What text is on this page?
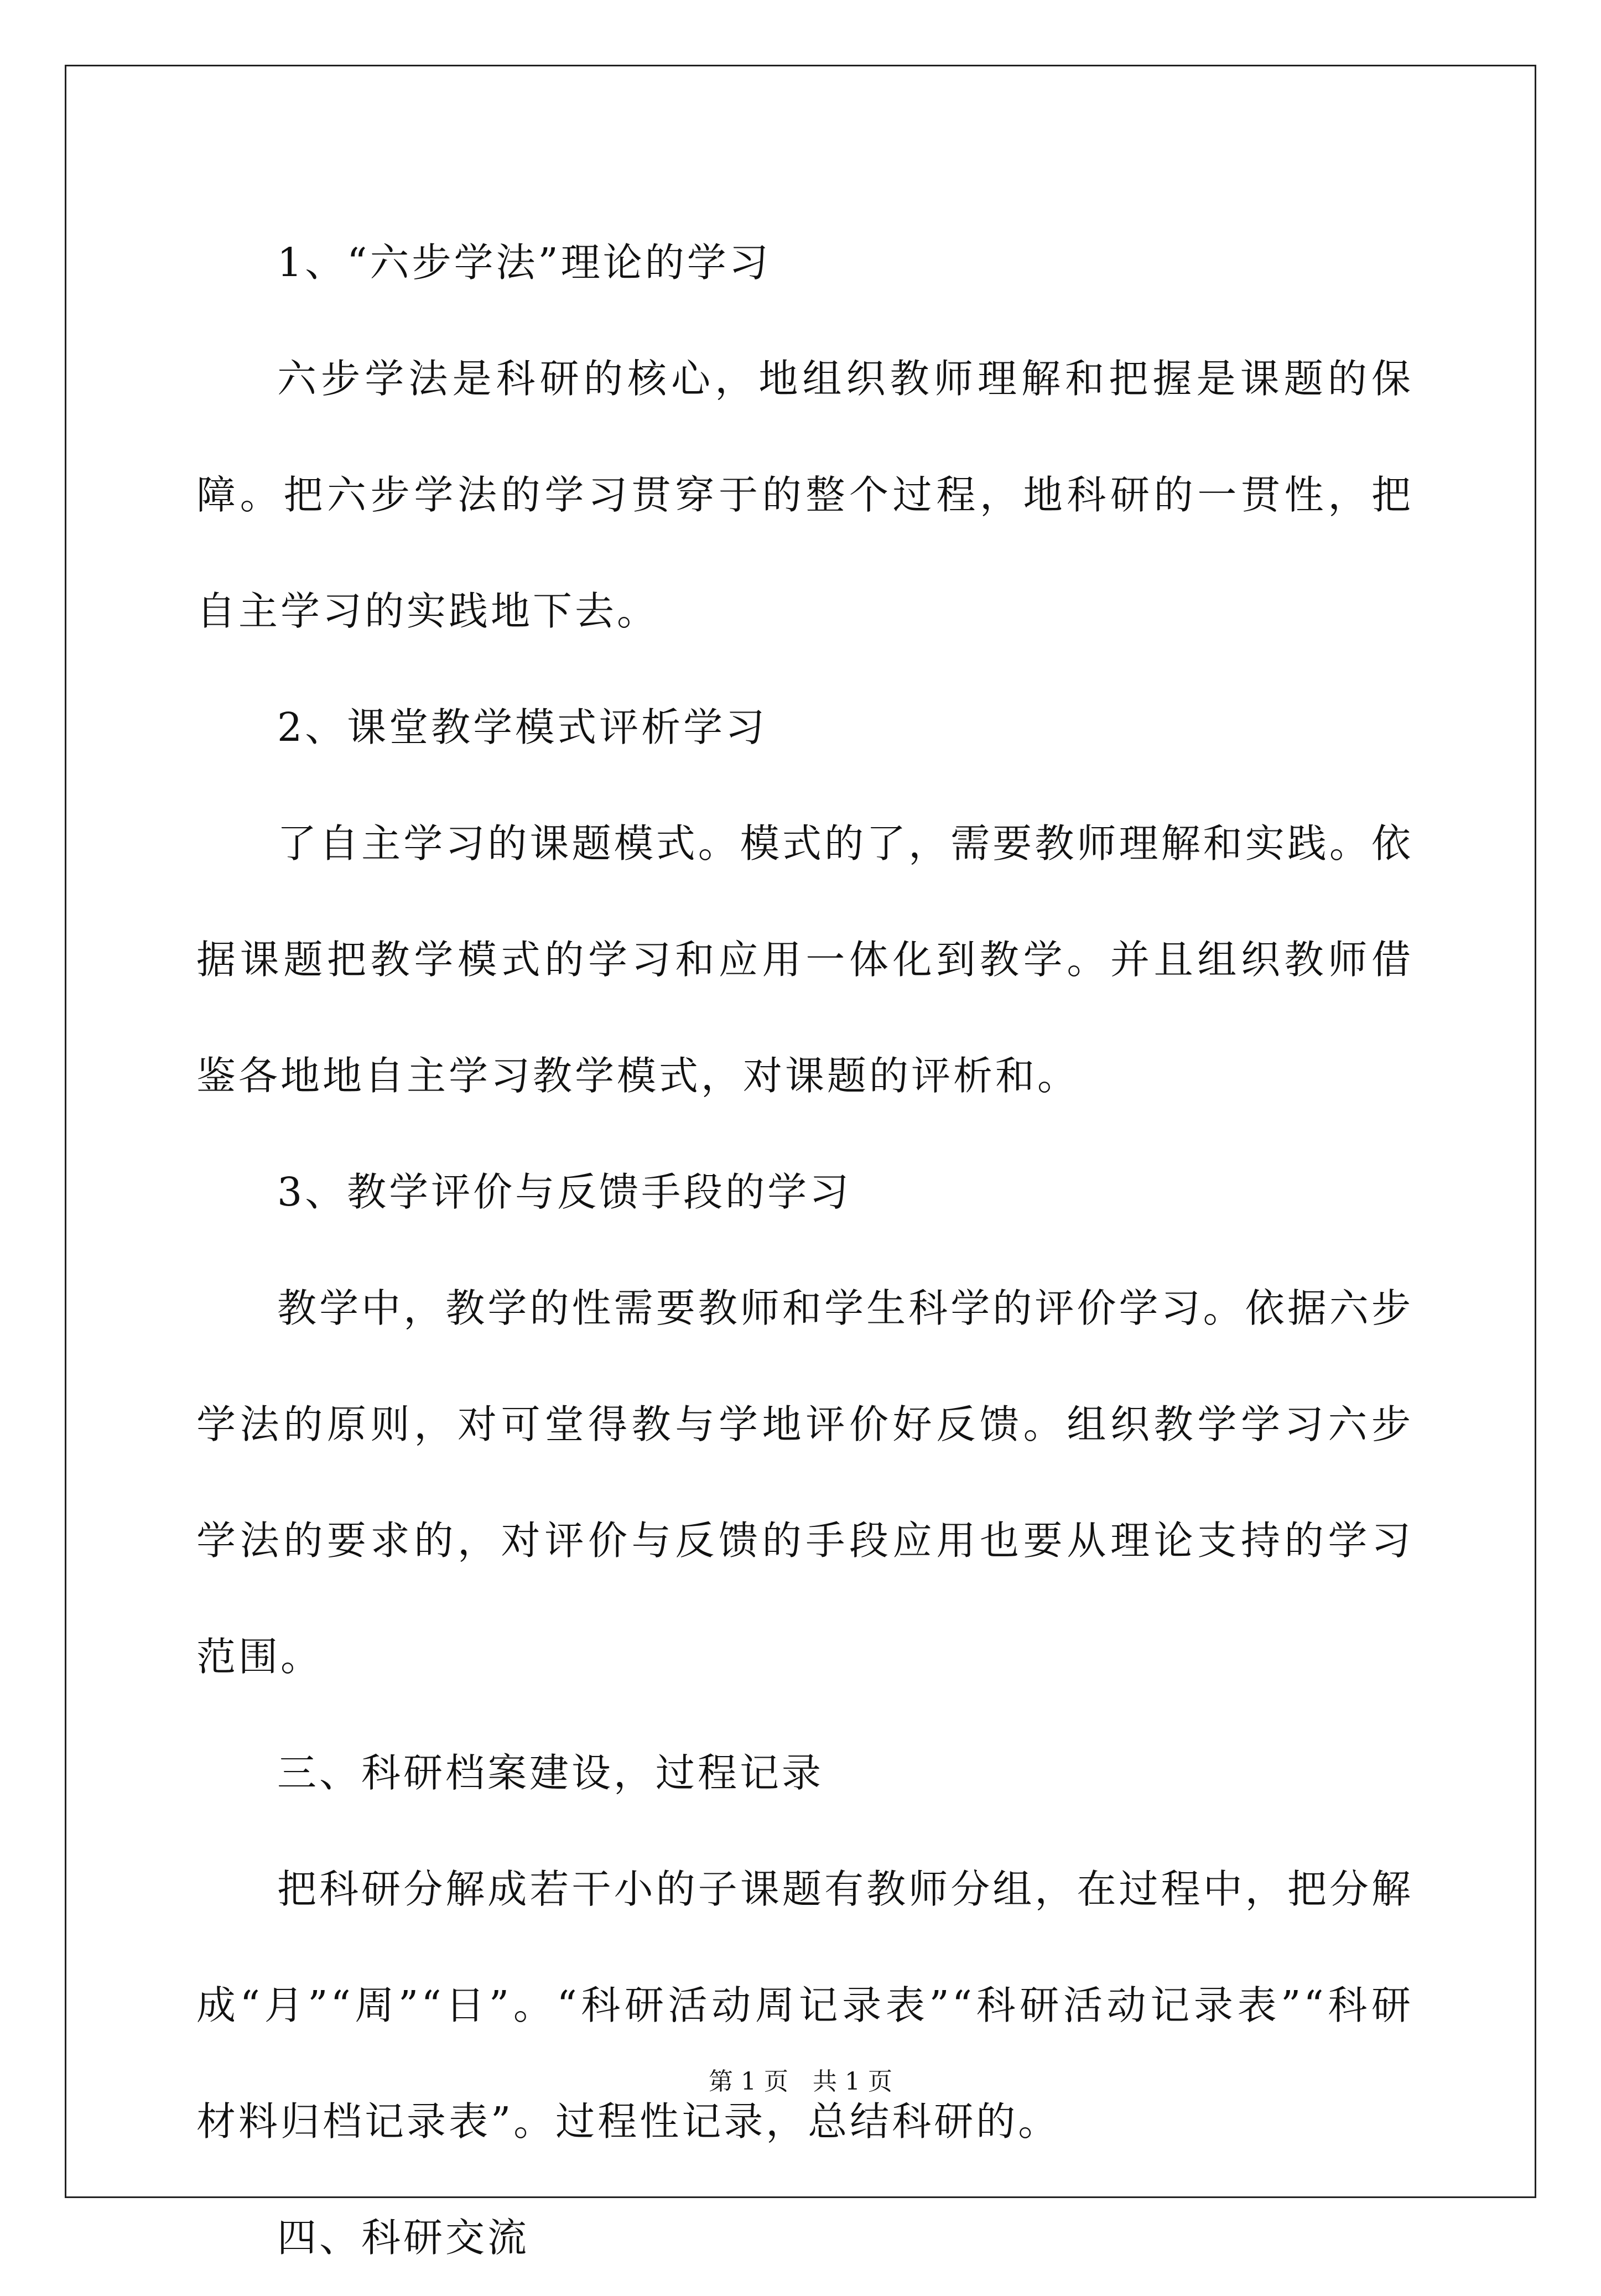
1、“六步学法”理论的学习

六步学法是科研的核心，地组织教师理解和把握是课题的保障。把六步学法的学习贯穿于的整个过程，地科研的一贯性，把自主学习的实践地下去。

2、课堂教学模式评析学习

了自主学习的课题模式。模式的了，需要教师理解和实践。依据课题把教学模式的学习和应用一体化到教学。并且组织教师借鉴各地地自主学习教学模式，对课题的评析和。

3、教学评价与反馈手段的学习

教学中，教学的性需要教师和学生科学的评价学习。依据六步学法的原则，对可堂得教与学地评价好反馈。组织教学学习六步学法的要求的，对评价与反馈的手段应用也要从理论支持的学习范围。

三、科研档案建设，过程记录

把科研分解成若干小的子课题有教师分组，在过程中，把分解成“月”“周”“日”。“科研活动周记录表”“科研活动记录表”“科研材料归档记录表”。过程性记录，总结科研的。

四、科研交流

第 1 页　共 1 页
